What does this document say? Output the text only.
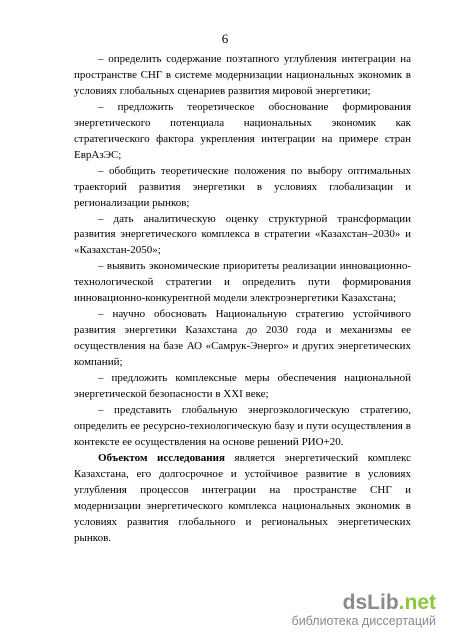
6

– определить содержание поэтапного углубления интеграции на пространстве СНГ в системе модернизации национальных экономик в условиях глобальных сценариев развития мировой энергетики;

– предложить теоретическое обоснование формирования энергетического потенциала национальных экономик как стратегического фактора укрепления интеграции на примере стран ЕврАзЭС;

– обобщить теоретические положения по выбору оптимальных траекторий развития энергетики в условиях глобализации и регионализации рынков;

– дать аналитическую оценку структурной трансформации развития энергетического комплекса в стратегии «Казахстан–2030» и «Казахстан-2050»;

– выявить экономические приоритеты реализации инновационно-технологической стратегии и определить пути формирования инновационно-конкурентной модели электроэнергетики Казахстана;

– научно обосновать Национальную стратегию устойчивого развития энергетики Казахстана до 2030 года и механизмы ее осуществления на базе АО «Самрук-Энерго» и других энергетических компаний;

– предложить комплексные меры обеспечения национальной энергетической безопасности в XXI веке;

– представить глобальную энергоэкологическую стратегию, определить ее ресурсно-технологическую базу и пути осуществления в контексте ее осуществления на основе решений РИО+20.

Объектом исследования является энергетический комплекс Казахстана, его долгосрочное и устойчивое развитие в условиях углубления процессов интеграции на пространстве СНГ и модернизации энергетического комплекса национальных экономик в условиях развития глобального и региональных энергетических рынков.

dsLib.net
библиотека диссертаций
